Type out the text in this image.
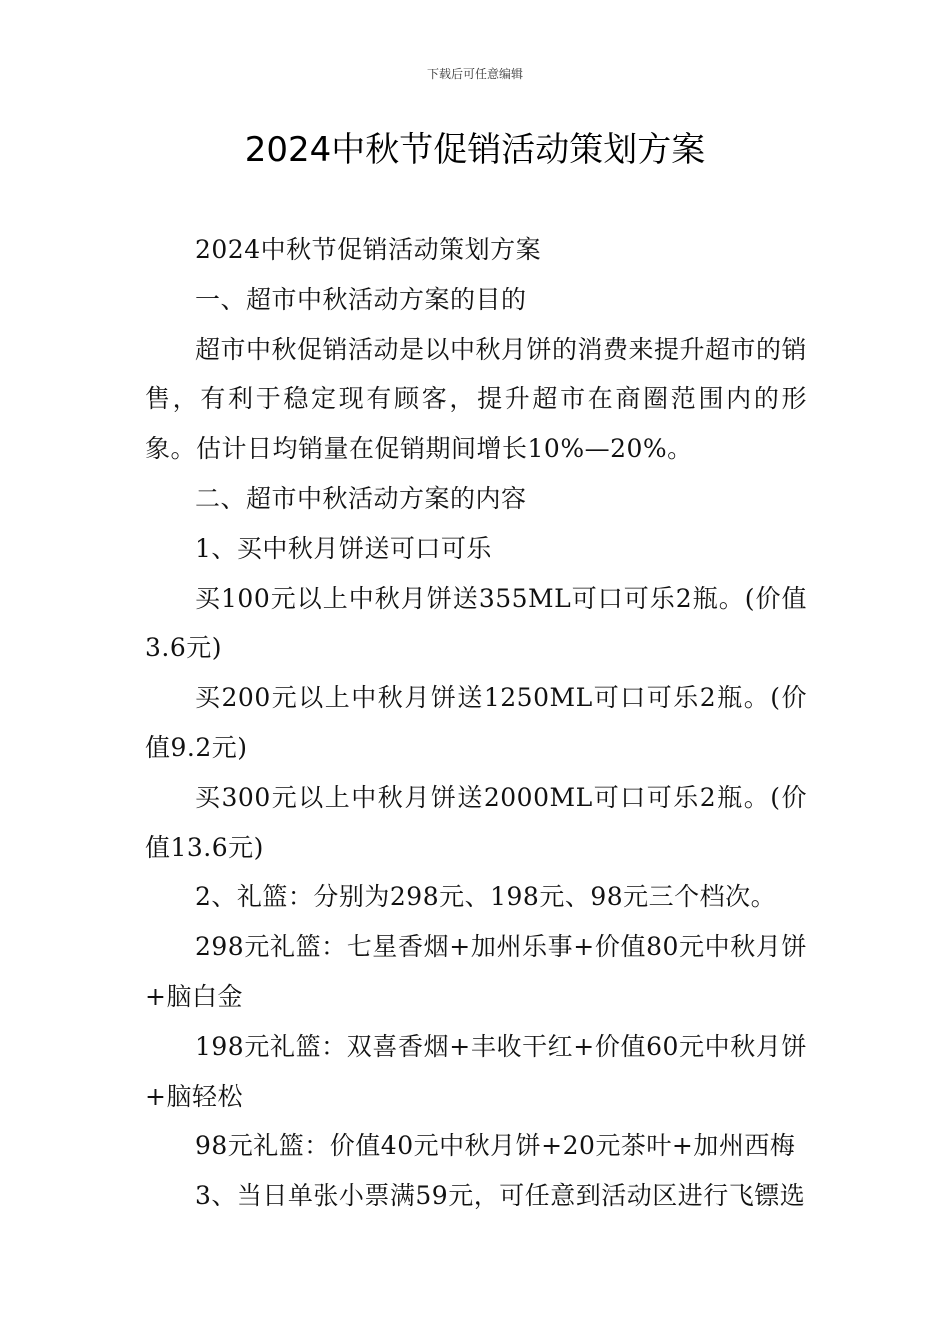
下载后可任意编辑
2024中秋节促销活动策划方案

2024中秋节促销活动策划方案

一、超市中秋活动方案的目的

超市中秋促销活动是以中秋月饼的消费来提升超市的销售，有利于稳定现有顾客，提升超市在商圈范围内的形象。估计日均销量在促销期间增长10%—20%。

二、超市中秋活动方案的内容

1、买中秋月饼送可口可乐

买100元以上中秋月饼送355ML可口可乐2瓶。(价值3.6元)

买200元以上中秋月饼送1250ML可口可乐2瓶。(价值9.2元)

买300元以上中秋月饼送2000ML可口可乐2瓶。(价值13.6元)

2、礼篮：分别为298元、198元、98元三个档次。

298元礼篮：七星香烟+加州乐事+价值80元中秋月饼+脑白金

198元礼篮：双喜香烟+丰收干红+价值60元中秋月饼+脑轻松

98元礼篮：价值40元中秋月饼+20元茶叶+加州西梅

3、当日单张小票满59元，可任意到活动区进行飞镖选
